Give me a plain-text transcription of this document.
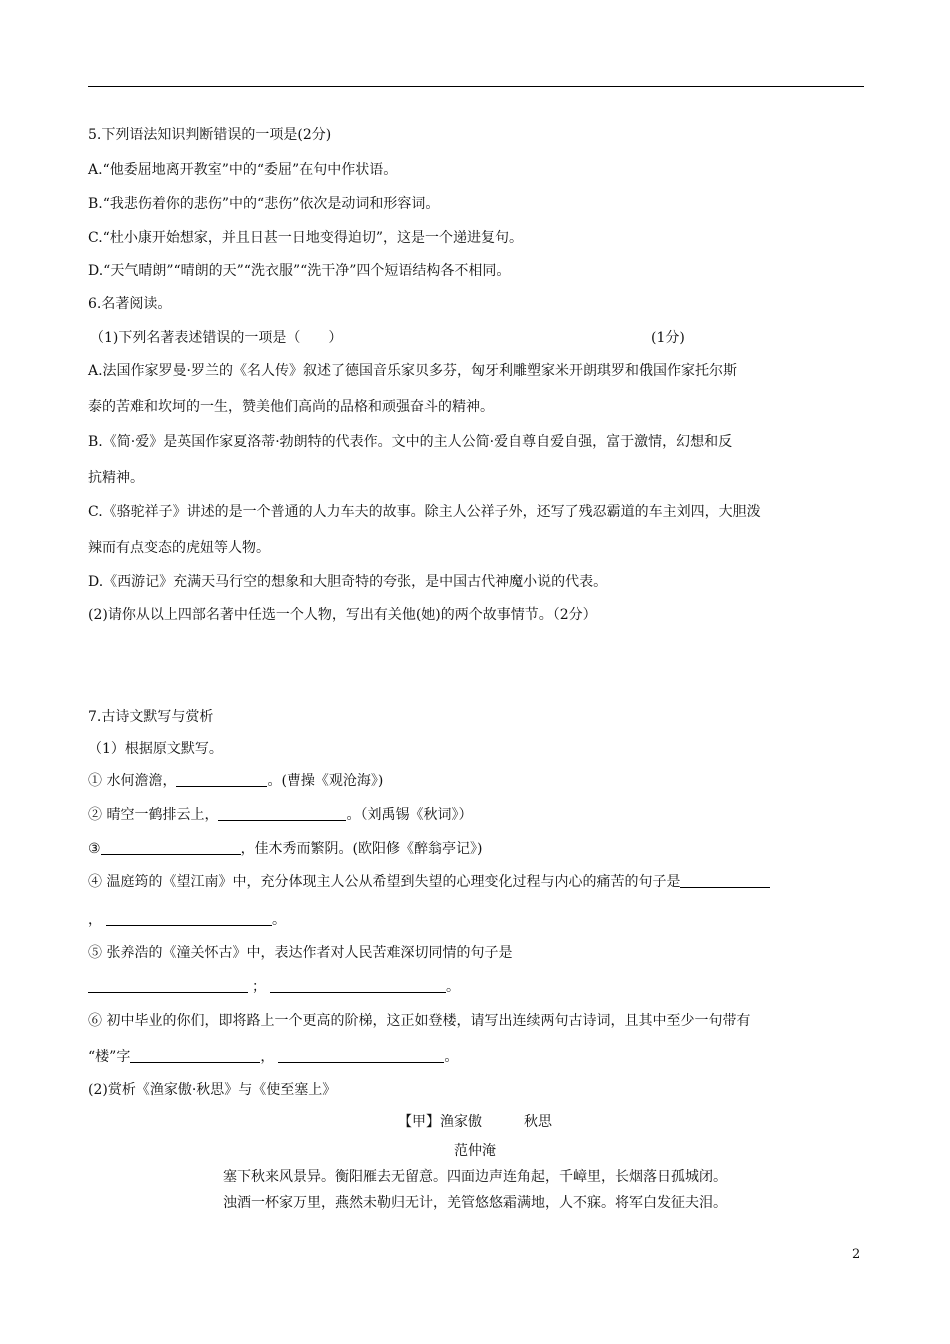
5.下列语法知识判断错误的一项是(2分)
A.“他委屈地离开教室”中的“委屈”在句中作状语。
B.“我悲伤着你的悲伤”中的“悲伤”依次是动词和形容词。
C.“杜小康开始想家，并且日甚一日地变得迫切”，这是一个递进复句。
D.“天气晴朗”“晴朗的天”“洗衣服”“洗干净”四个短语结构各不相同。
6.名著阅读。
（1)下列名著表述错误的一项是（　　）	(1分)
A.法国作家罗曼·罗兰的《名人传》叙述了德国音乐家贝多芬，匈牙利雕塑家米开朗琪罗和俄国作家托尔斯
泰的苦难和坎坷的一生，赞美他们高尚的品格和顽强奋斗的精神。
B.《简·爱》是英国作家夏洛蒂·勃朗特的代表作。文中的主人公简·爱自尊自爱自强，富于激情，幻想和反
抗精神。
C.《骆驼祥子》讲述的是一个普通的人力车夫的故事。除主人公祥子外，还写了残忍霸道的车主刘四，大胆泼
辣而有点变态的虎妞等人物。
D.《西游记》充满天马行空的想象和大胆奇特的夸张，是中国古代神魔小说的代表。
(2)请你从以上四部名著中任选一个人物，写出有关他(她)的两个故事情节。（2分）
7.古诗文默写与赏析
（1）根据原文默写。
① 水何澹澹，	。(曹操《观沧海》)
② 晴空一鹤排云上，	。（刘禹锡《秋词》）
③	，佳木秀而繁阴。(欧阳修《醉翁亭记》)
④ 温庭筠的《望江南》中，充分体现主人公从希望到失望的心理变化过程与内心的痛苦的句子是
，	。
⑤ 张养浩的《潼关怀古》中，表达作者对人民苦难深切同情的句子是
；	。
⑥ 初中毕业的你们，即将路上一个更高的阶梯，这正如登楼，请写出连续两句古诗词，且其中至少一句带有
“楼”字	，	。
(2)赏析《渔家傲·秋思》与《使至塞上》
【甲】渔家傲　　　秋思
范仲淹
塞下秋来风景异。衡阳雁去无留意。四面边声连角起，千嶂里，长烟落日孤城闭。
浊酒一杯家万里，燕然未勒归无计，羌管悠悠霜满地，人不寐。将军白发征夫泪。
2
